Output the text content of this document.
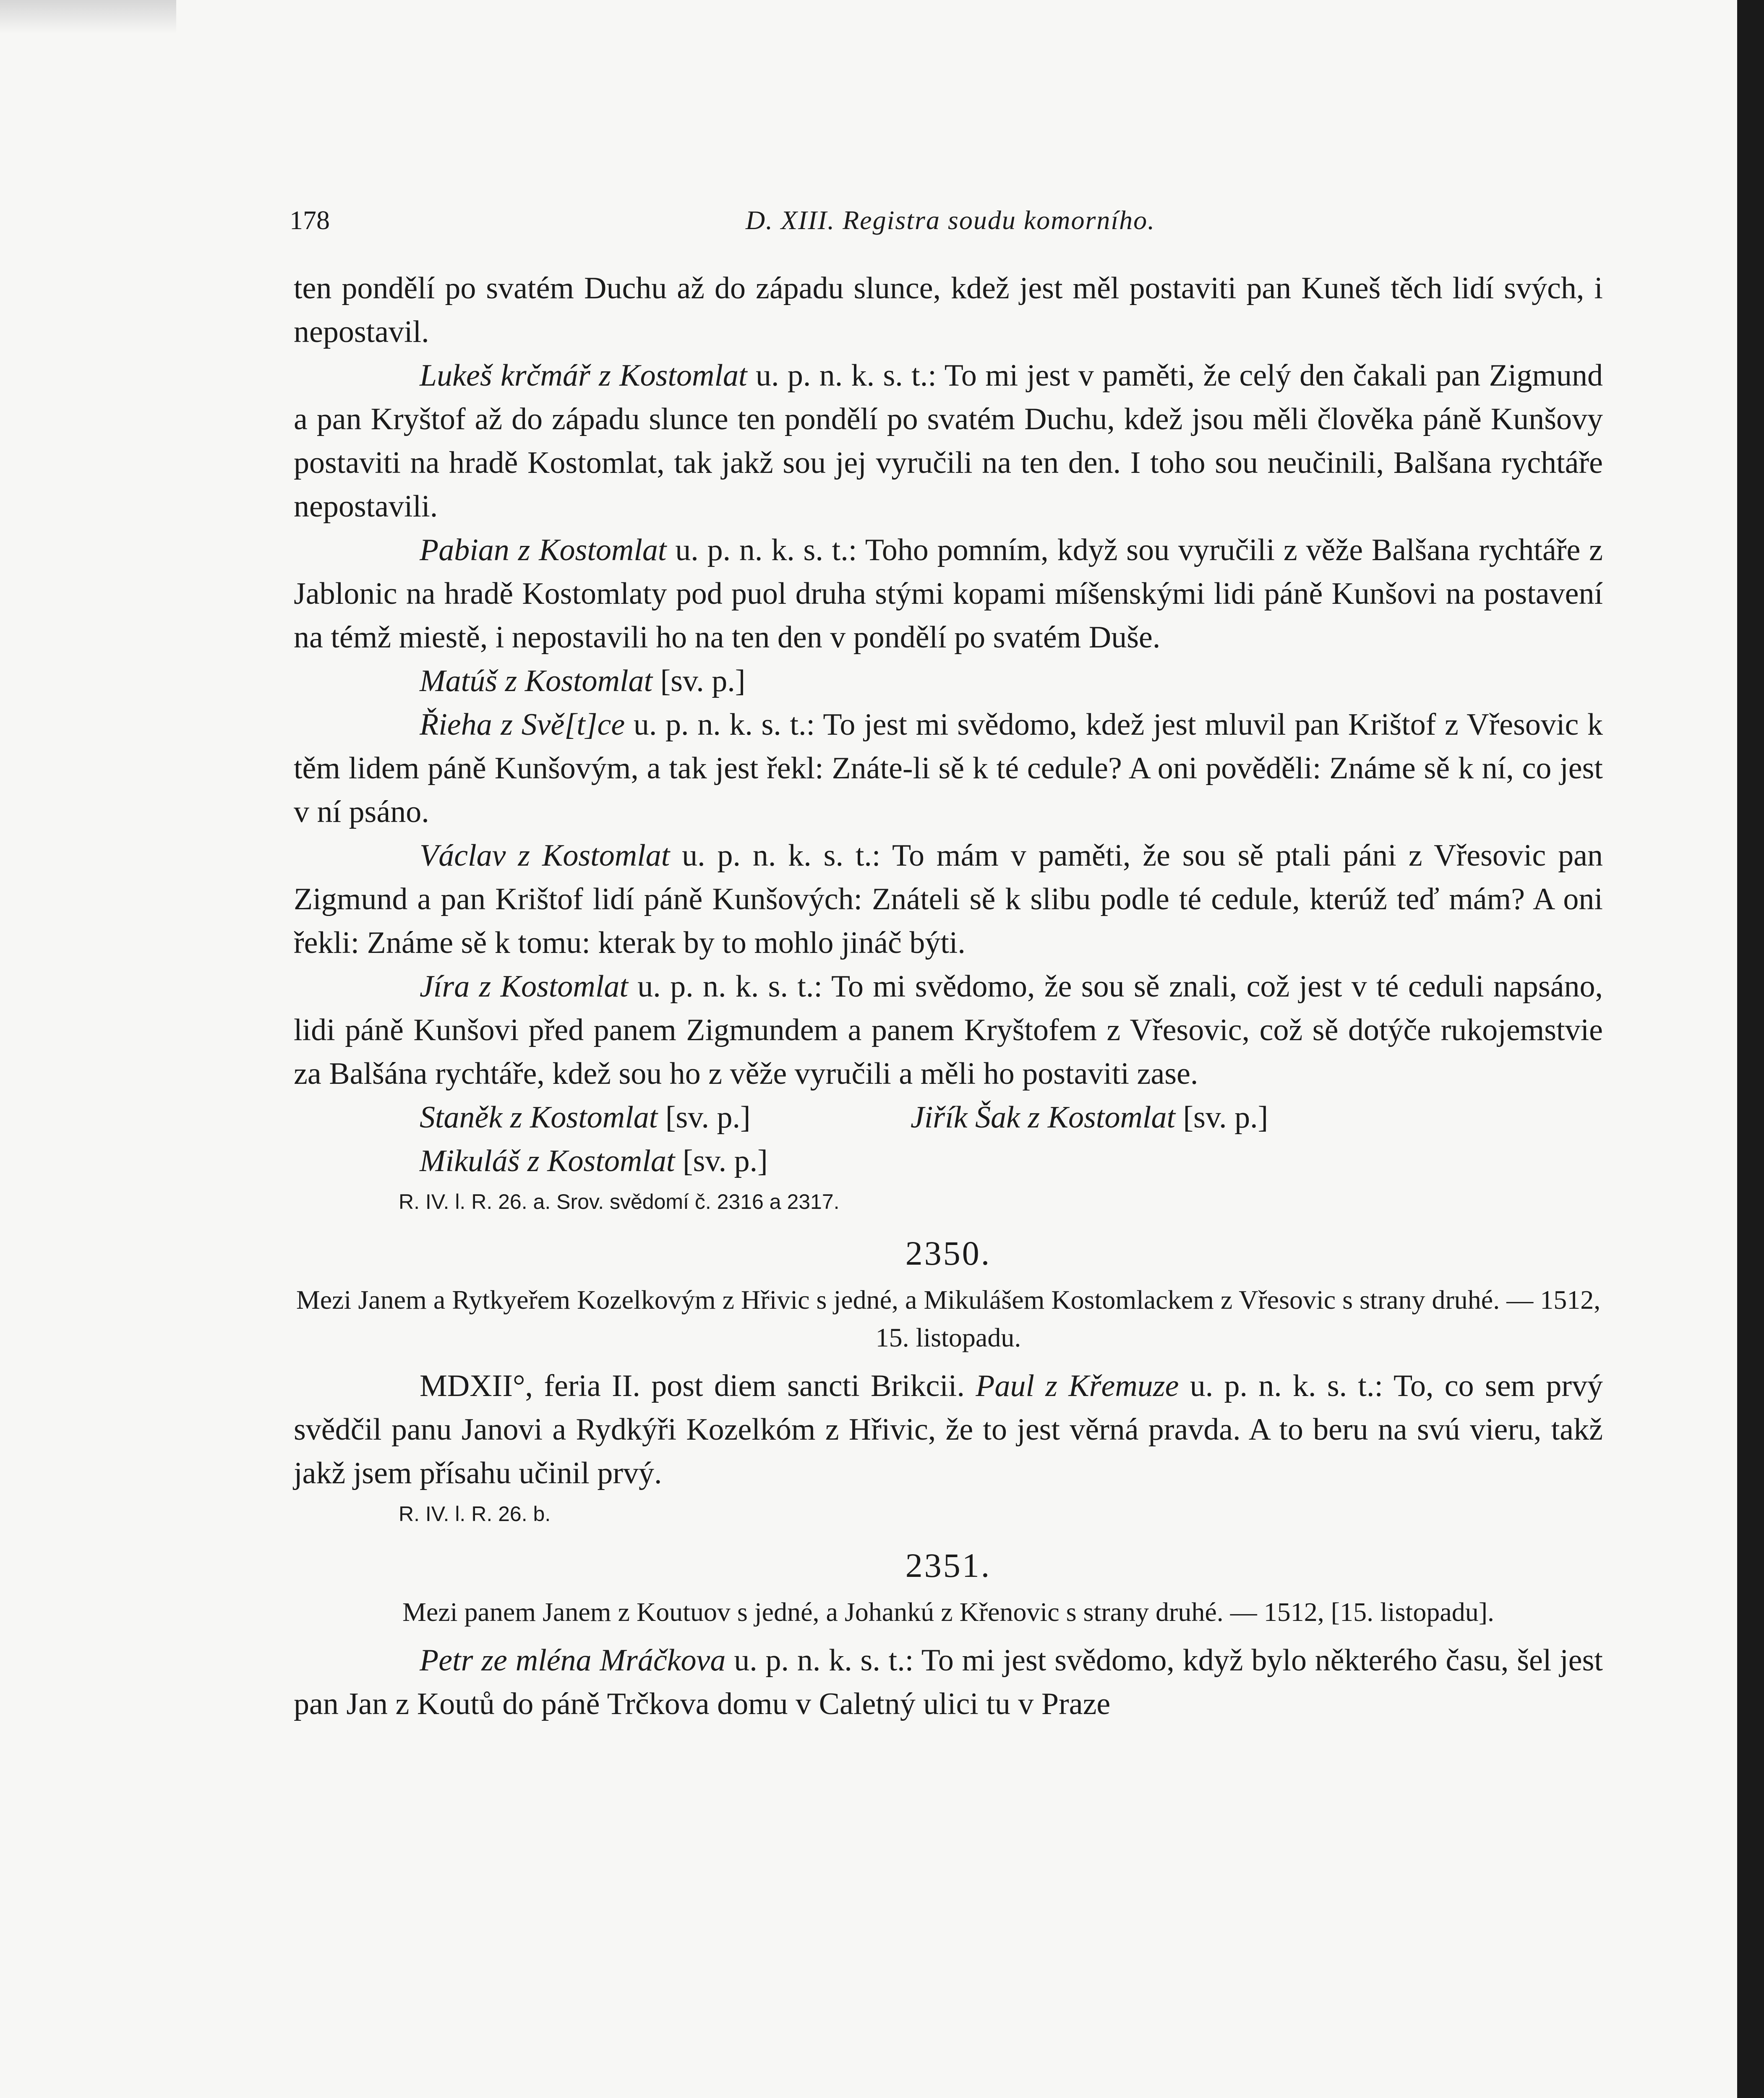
178	D. XIII. Registra soudu komorního.

ten pondělí po svatém Duchu až do západu slunce, kdež jest měl postaviti pan Kuneš těch lidí svých, i nepostavil.

Lukeš krčmář z Kostomlat u. p. n. k. s. t.: To mi jest v paměti, že celý den čakali pan Zigmund a pan Kryštof až do západu slunce ten pondělí po svatém Duchu, kdež jsou měli člověka páně Kunšovy postaviti na hradě Kostomlat, tak jakž sou jej vyručili na ten den. I toho sou neučinili, Balšana rychtáře nepostavili.

Pabian z Kostomlat u. p. n. k. s. t.: Toho pomním, když sou vyručili z věže Balšana rychtáře z Jablonic na hradě Kostomlaty pod puol druha stými kopami míšenskými lidi páně Kunšovi na postavení na témž miestě, i nepostavili ho na ten den v pondělí po svatém Duše.

Matúš z Kostomlat [sv. p.]

Řieha z Svě[t]ce u. p. n. k. s. t.: To jest mi svědomo, kdež jest mluvil pan Krištof z Vřesovic k těm lidem páně Kunšovým, a tak jest řekl: Znáte-li sě k té cedule? A oni pověděli: Známe sě k ní, co jest v ní psáno.

Václav z Kostomlat u. p. n. k. s. t.: To mám v paměti, že sou sě ptali páni z Vřesovic pan Zigmund a pan Krištof lidí páně Kunšových: Znáteli sě k slibu podle té cedule, kterúž teď mám? A oni řekli: Známe sě k tomu: kterak by to mohlo jináč býti.

Jíra z Kostomlat u. p. n. k. s. t.: To mi svědomo, že sou sě znali, což jest v té ceduli napsáno, lidi páně Kunšovi před panem Zigmundem a panem Kryštofem z Vřesovic, což sě dotýče rukojemstvie za Balšána rychtáře, kdež sou ho z věže vyručili a měli ho postaviti zase.

Staněk z Kostomlat [sv. p.]	Jiřík Šak z Kostomlat [sv. p.]
Mikuláš z Kostomlat [sv. p.]
R. IV. l. R. 26. a. Srov. svědomí č. 2316 a 2317.
2350.
Mezi Janem a Rytkyeřem Kozelkovým z Hřivic s jedné, a Mikulášem Kostomlackem z Vřesovic s strany druhé. — 1512, 15. listopadu.

MDXII°, feria II. post diem sancti Brikcii. Paul z Křemuze u. p. n. k. s. t.: To, co sem prvý svědčil panu Janovi a Rydkýři Kozelkóm z Hřivic, že to jest věrná pravda. A to beru na svú vieru, takž jakž jsem přísahu učinil prvý.

R. IV. l. R. 26. b.
2351.
Mezi panem Janem z Koutuov s jedné, a Johankú z Křenovic s strany druhé. — 1512, [15. listopadu].

Petr ze mléna Mráčkova u. p. n. k. s. t.: To mi jest svědomo, když bylo některého času, šel jest pan Jan z Koutů do páně Trčkova domu v Caletný ulici tu v Praze
